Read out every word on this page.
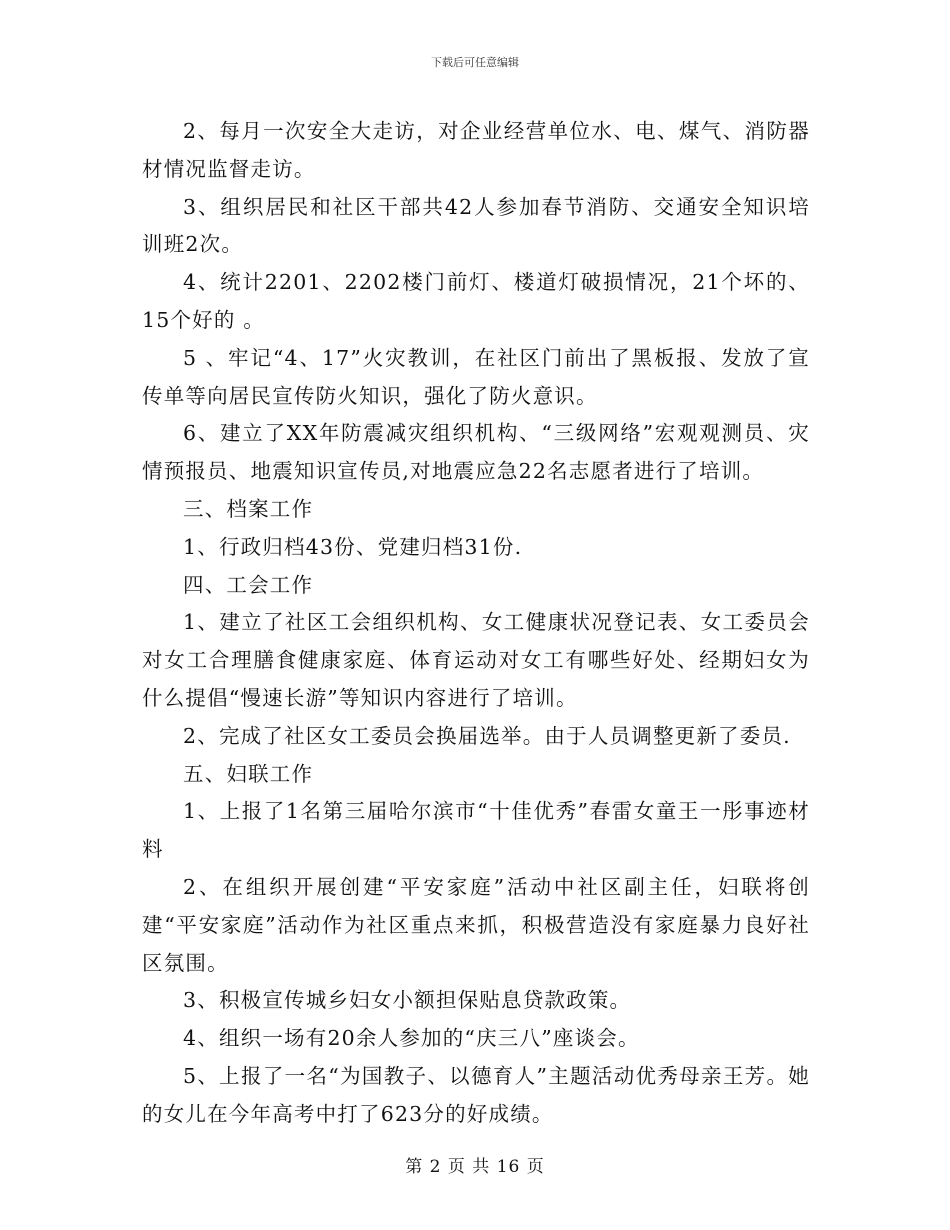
下载后可任意编辑

2、每月一次安全大走访，对企业经营单位水、电、煤气、消防器材情况监督走访。

3、组织居民和社区干部共42人参加春节消防、交通安全知识培训班2次。

4、统计2201、2202楼门前灯、楼道灯破损情况，21个坏的、15个好的 。

5 、牢记“4、17”火灾教训，在社区门前出了黑板报、发放了宣传单等向居民宣传防火知识，强化了防火意识。

6、建立了XX年防震减灾组织机构、“三级网络”宏观观测员、灾情预报员、地震知识宣传员,对地震应急22名志愿者进行了培训。

三、档案工作

1、行政归档43份、党建归档31份.

四、工会工作

1、建立了社区工会组织机构、女工健康状况登记表、女工委员会对女工合理膳食健康家庭、体育运动对女工有哪些好处、经期妇女为什么提倡“慢速长游”等知识内容进行了培训。

2、完成了社区女工委员会换届选举。由于人员调整更新了委员.

五、妇联工作

1、上报了1名第三届哈尔滨市“十佳优秀”春雷女童王一彤事迹材料

2、在组织开展创建“平安家庭”活动中社区副主任，妇联将创建“平安家庭”活动作为社区重点来抓，积极营造没有家庭暴力良好社区氛围。

3、积极宣传城乡妇女小额担保贴息贷款政策。

4、组织一场有20余人参加的“庆三八”座谈会。

5、上报了一名“为国教子、以德育人”主题活动优秀母亲王芳。她的女儿在今年高考中打了623分的好成绩。

第 2 页 共 16 页
